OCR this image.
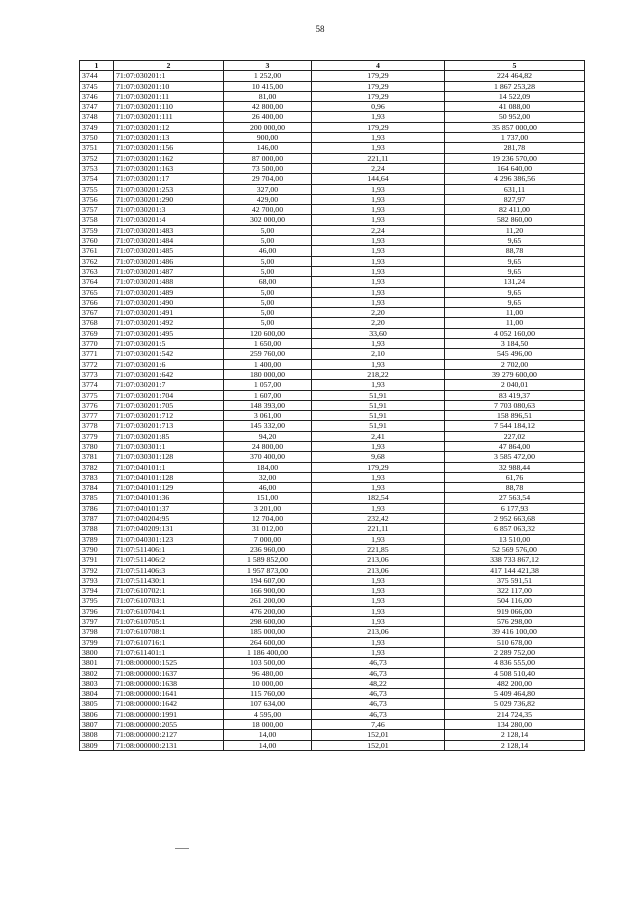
58
1	2	3	4	5
3744	71:07:030201:1	1 252,00	179,29	224 464,82
3745	71:07:030201:10	10 415,00	179,29	1 867 253,28
3746	71:07:030201:11	81,00	179,29	14 522,09
3747	71:07:030201:110	42 800,00	0,96	41 088,00
3748	71:07:030201:111	26 400,00	1,93	50 952,00
3749	71:07:030201:12	200 000,00	179,29	35 857 000,00
3750	71:07:030201:13	900,00	1,93	1 737,00
3751	71:07:030201:156	146,00	1,93	281,78
3752	71:07:030201:162	87 000,00	221,11	19 236 570,00
3753	71:07:030201:163	73 500,00	2,24	164 640,00
3754	71:07:030201:17	29 704,00	144,64	4 296 386,56
3755	71:07:030201:253	327,00	1,93	631,11
3756	71:07:030201:290	429,00	1,93	827,97
3757	71:07:030201:3	42 700,00	1,93	82 411,00
3758	71:07:030201:4	302 000,00	1,93	582 860,00
3759	71:07:030201:483	5,00	2,24	11,20
3760	71:07:030201:484	5,00	1,93	9,65
3761	71:07:030201:485	46,00	1,93	88,78
3762	71:07:030201:486	5,00	1,93	9,65
3763	71:07:030201:487	5,00	1,93	9,65
3764	71:07:030201:488	68,00	1,93	131,24
3765	71:07:030201:489	5,00	1,93	9,65
3766	71:07:030201:490	5,00	1,93	9,65
3767	71:07:030201:491	5,00	2,20	11,00
3768	71:07:030201:492	5,00	2,20	11,00
3769	71:07:030201:495	120 600,00	33,60	4 052 160,00
3770	71:07:030201:5	1 650,00	1,93	3 184,50
3771	71:07:030201:542	259 760,00	2,10	545 496,00
3772	71:07:030201:6	1 400,00	1,93	2 702,00
3773	71:07:030201:642	180 000,00	218,22	39 279 600,00
3774	71:07:030201:7	1 057,00	1,93	2 040,01
3775	71:07:030201:704	1 607,00	51,91	83 419,37
3776	71:07:030201:705	148 393,00	51,91	7 703 080,63
3777	71:07:030201:712	3 061,00	51,91	158 896,51
3778	71:07:030201:713	145 332,00	51,91	7 544 184,12
3779	71:07:030201:85	94,20	2,41	227,02
3780	71:07:030301:1	24 800,00	1,93	47 864,00
3781	71:07:030301:128	370 400,00	9,68	3 585 472,00
3782	71:07:040101:1	184,00	179,29	32 988,44
3783	71:07:040101:128	32,00	1,93	61,76
3784	71:07:040101:129	46,00	1,93	88,78
3785	71:07:040101:36	151,00	182,54	27 563,54
3786	71:07:040101:37	3 201,00	1,93	6 177,93
3787	71:07:040204:95	12 704,00	232,42	2 952 663,68
3788	71:07:040209:131	31 012,00	221,11	6 857 063,32
3789	71:07:040301:123	7 000,00	1,93	13 510,00
3790	71:07:511406:1	236 960,00	221,85	52 569 576,00
3791	71:07:511406:2	1 589 852,00	213,06	338 733 867,12
3792	71:07:511406:3	1 957 873,00	213,06	417 144 421,38
3793	71:07:511430:1	194 607,00	1,93	375 591,51
3794	71:07:610702:1	166 900,00	1,93	322 117,00
3795	71:07:610703:1	261 200,00	1,93	504 116,00
3796	71:07:610704:1	476 200,00	1,93	919 066,00
3797	71:07:610705:1	298 600,00	1,93	576 298,00
3798	71:07:610708:1	185 000,00	213,06	39 416 100,00
3799	71:07:610716:1	264 600,00	1,93	510 678,00
3800	71:07:611401:1	1 186 400,00	1,93	2 289 752,00
3801	71:08:000000:1525	103 500,00	46,73	4 836 555,00
3802	71:08:000000:1637	96 480,00	46,73	4 508 510,40
3803	71:08:000000:1638	10 000,00	48,22	482 200,00
3804	71:08:000000:1641	115 760,00	46,73	5 409 464,80
3805	71:08:000000:1642	107 634,00	46,73	5 029 736,82
3806	71:08:000000:1991	4 595,00	46,73	214 724,35
3807	71:08:000000:2055	18 000,00	7,46	134 280,00
3808	71:08:000000:2127	14,00	152,01	2 128,14
3809	71:08:000000:2131	14,00	152,01	2 128,14
